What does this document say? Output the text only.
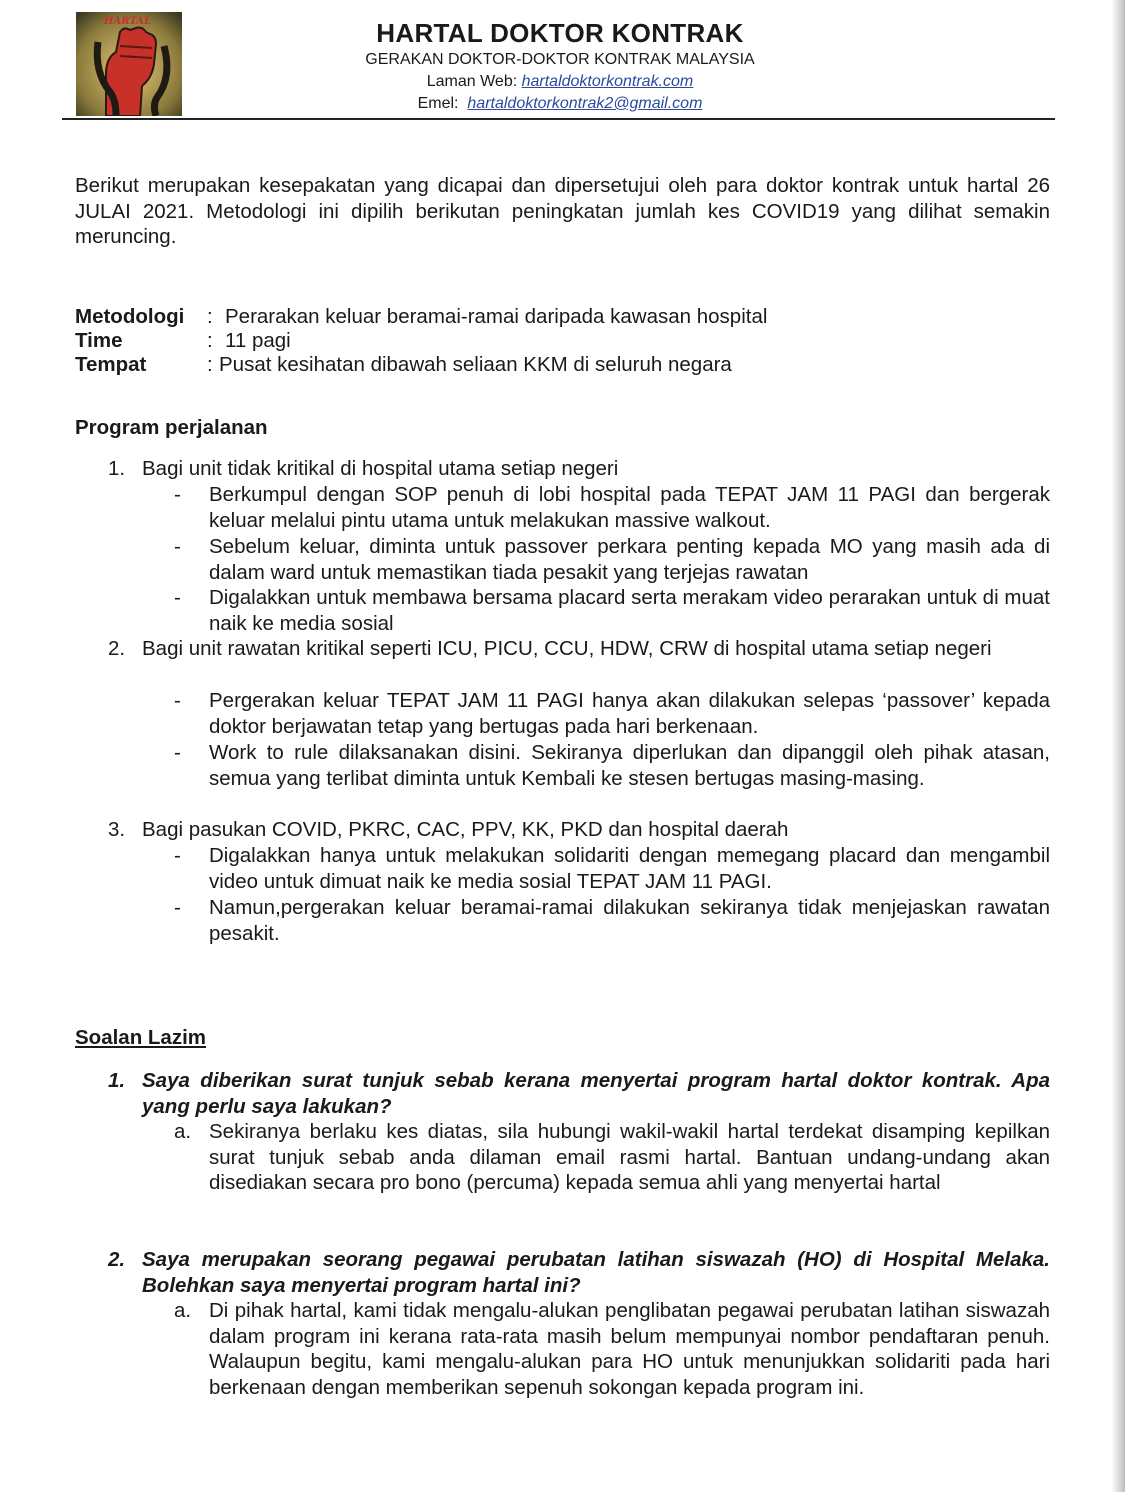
HARTAL	HARTAL DOKTOR KONTRAK
GERAKAN DOKTOR-DOKTOR KONTRAK MALAYSIA
Laman Web: hartaldoktorkontrak.com
Emel: hartaldoktorkontrak2@gmail.com
Berikut merupakan kesepakatan yang dicapai dan dipersetujui oleh para doktor kontrak untuk hartal 26 JULAI 2021. Metodologi ini dipilih berikutan peningkatan jumlah kes COVID19 yang dilihat semakin meruncing.
Metodologi : Perarakan keluar beramai-ramai daripada kawasan hospital
Time	: 11 pagi
Tempat	: Pusat kesihatan dibawah seliaan KKM di seluruh negara
Program perjalanan
1. Bagi unit tidak kritikal di hospital utama setiap negeri
- Berkumpul dengan SOP penuh di lobi hospital pada TEPAT JAM 11 PAGI dan bergerak keluar melalui pintu utama untuk melakukan massive walkout.
- Sebelum keluar, diminta untuk passover perkara penting kepada MO yang masih ada di dalam ward untuk memastikan tiada pesakit yang terjejas rawatan
- Digalakkan untuk membawa bersama placard serta merakam video perarakan untuk di muat naik ke media sosial
2. Bagi unit rawatan kritikal seperti ICU, PICU, CCU, HDW, CRW di hospital utama setiap negeri
- Pergerakan keluar TEPAT JAM 11 PAGI hanya akan dilakukan selepas ‘passover’ kepada doktor berjawatan tetap yang bertugas pada hari berkenaan.
- Work to rule dilaksanakan disini. Sekiranya diperlukan dan dipanggil oleh pihak atasan, semua yang terlibat diminta untuk Kembali ke stesen bertugas masing-masing.
3. Bagi pasukan COVID, PKRC, CAC, PPV, KK, PKD dan hospital daerah
- Digalakkan hanya untuk melakukan solidariti dengan memegang placard dan mengambil video untuk dimuat naik ke media sosial TEPAT JAM 11 PAGI.
- Namun,pergerakan keluar beramai-ramai dilakukan sekiranya tidak menjejaskan rawatan pesakit.
Soalan Lazim
1. Saya diberikan surat tunjuk sebab kerana menyertai program hartal doktor kontrak. Apa yang perlu saya lakukan?
a. Sekiranya berlaku kes diatas, sila hubungi wakil-wakil hartal terdekat disamping kepilkan surat tunjuk sebab anda dilaman email rasmi hartal. Bantuan undang-undang akan disediakan secara pro bono (percuma) kepada semua ahli yang menyertai hartal
2. Saya merupakan seorang pegawai perubatan latihan siswazah (HO) di Hospital Melaka. Bolehkan saya menyertai program hartal ini?
a. Di pihak hartal, kami tidak mengalu-alukan penglibatan pegawai perubatan latihan siswazah dalam program ini kerana rata-rata masih belum mempunyai nombor pendaftaran penuh. Walaupun begitu, kami mengalu-alukan para HO untuk menunjukkan solidariti pada hari berkenaan dengan memberikan sepenuh sokongan kepada program ini.
